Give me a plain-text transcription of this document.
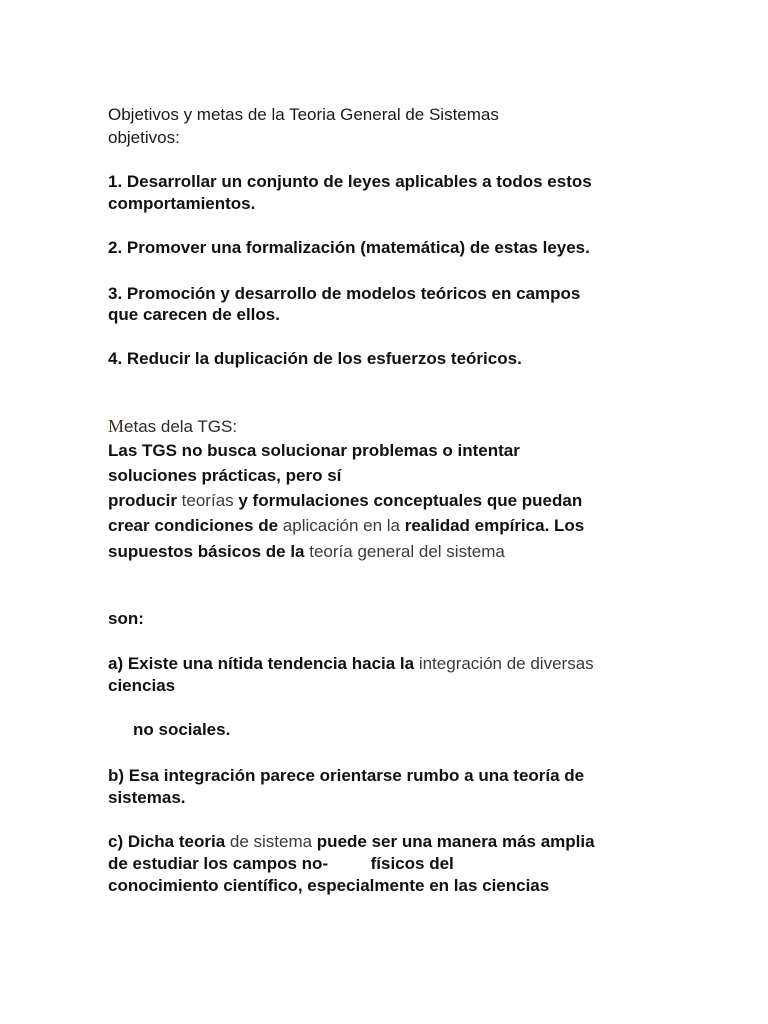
Objetivos y metas de la Teoria General de Sistemas
objetivos:
1. Desarrollar un conjunto de leyes aplicables a todos estos
comportamientos.
2. Promover una formalización (matemática) de estas leyes.
3. Promoción y desarrollo de modelos teóricos en campos
que carecen de ellos.
4. Reducir la duplicación de los esfuerzos teóricos.
Metas dela TGS:
Las TGS no busca solucionar problemas o intentar
soluciones prácticas, pero sí
producir teorías y formulaciones conceptuales que puedan
crear condiciones de aplicación en la realidad empírica. Los
supuestos básicos de la teoría general del sistema
son:
a) Existe una nítida tendencia hacia la integración de diversas
ciencias
no sociales.
b) Esa integración parece orientarse rumbo a una teoría de
sistemas.
c) Dicha teoria de sistema puede ser una manera más amplia
de estudiar los campos no-         físicos del
conocimiento científico, especialmente en las ciencias
